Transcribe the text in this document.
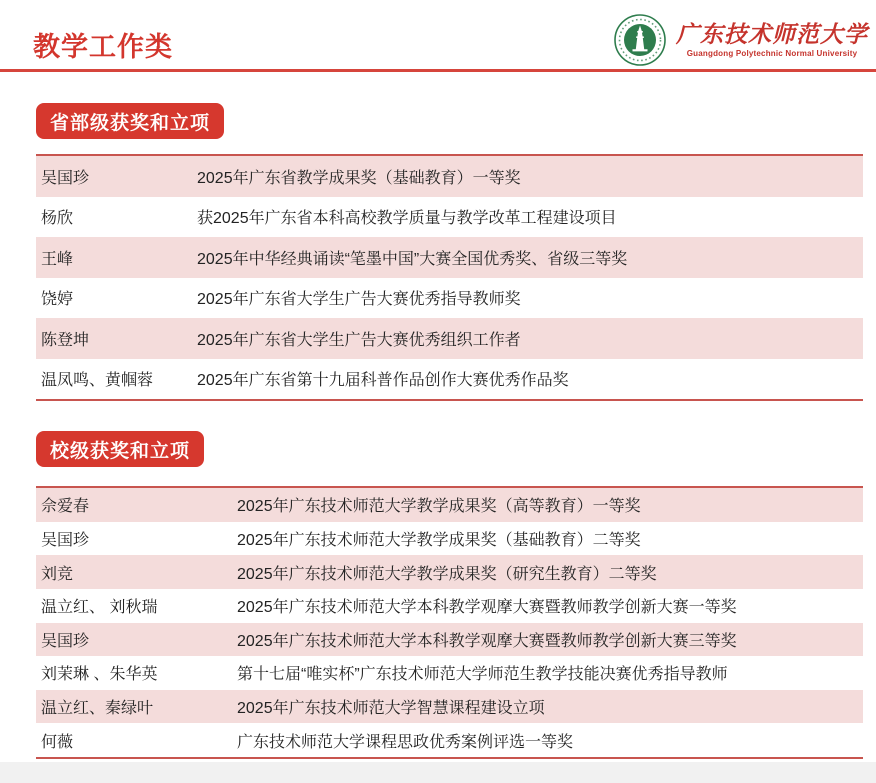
教学工作类	广东技术师范大学
Guangdong Polytechnic Normal University
省部级获奖和立项
吴国珍	2025年广东省教学成果奖（基础教育）一等奖
杨欣	获2025年广东省本科高校教学质量与教学改革工程建设项目
王峰	2025年中华经典诵读“笔墨中国”大赛全国优秀奖、省级三等奖
饶婷	2025年广东省大学生广告大赛优秀指导教师奖
陈登坤	2025年广东省大学生广告大赛优秀组织工作者
温凤鸣、黄帼蓉	2025年广东省第十九届科普作品创作大赛优秀作品奖
校级获奖和立项
佘爱春	2025年广东技术师范大学教学成果奖（高等教育）一等奖
吴国珍	2025年广东技术师范大学教学成果奖（基础教育）二等奖
刘竞	2025年广东技术师范大学教学成果奖（研究生教育）二等奖
温立红、 刘秋瑞	2025年广东技术师范大学本科教学观摩大赛暨教师教学创新大赛一等奖
吴国珍	2025年广东技术师范大学本科教学观摩大赛暨教师教学创新大赛三等奖
刘茉琳 、朱华英	第十七届“唯实杯”广东技术师范大学师范生教学技能决赛优秀指导教师
温立红、秦绿叶	2025年广东技术师范大学智慧课程建设立项
何薇	广东技术师范大学课程思政优秀案例评选一等奖
